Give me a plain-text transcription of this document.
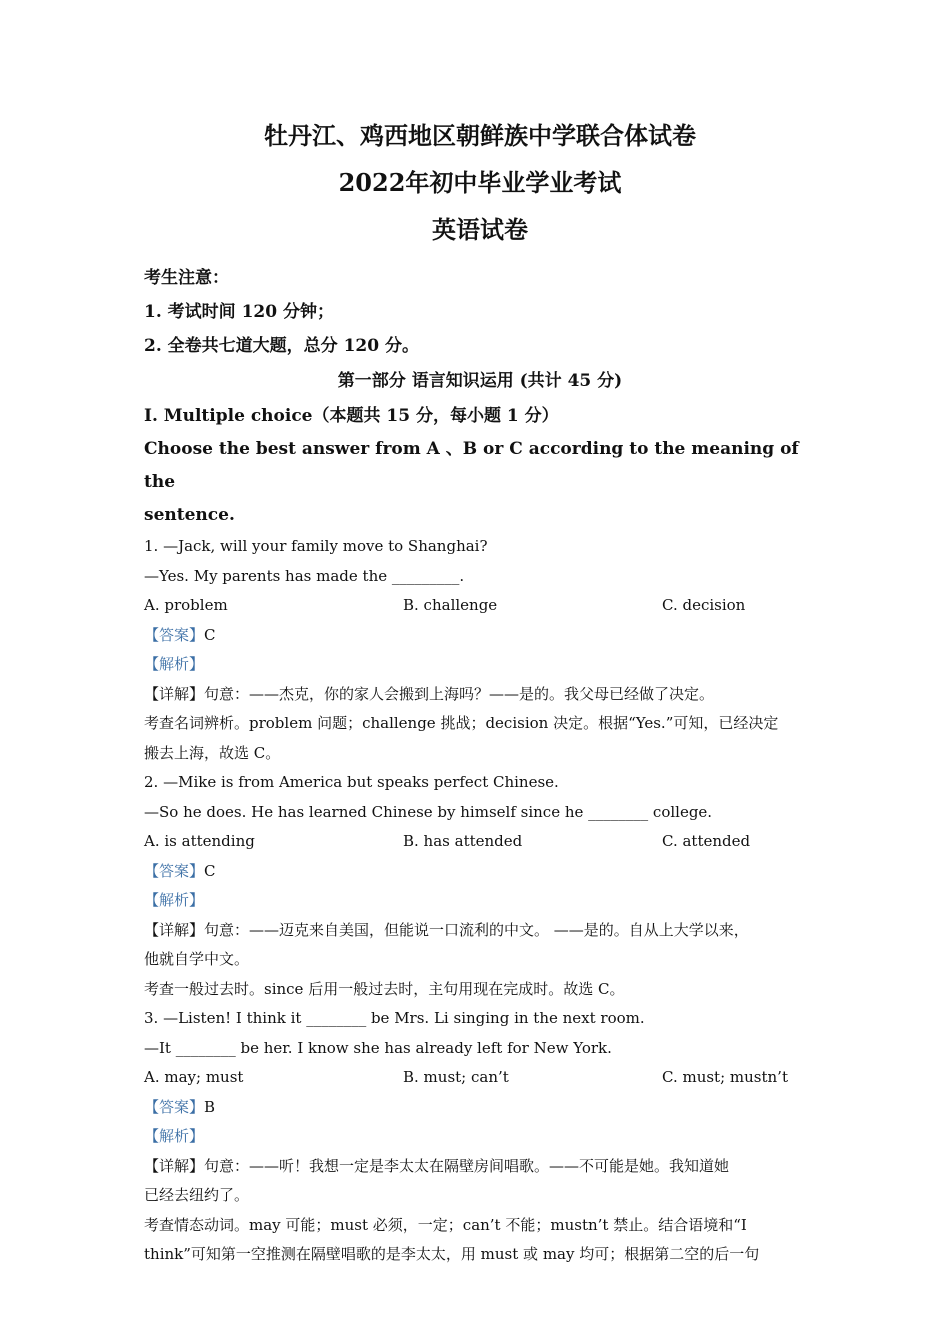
牡丹江、鸡西地区朝鲜族中学联合体试卷
2022年初中毕业学业考试
英语试卷
考生注意：
1. 考试时间 120 分钟；
2. 全卷共七道大题，总分 120 分。
第一部分 语言知识运用 (共计 45 分)
I. Multiple choice（本题共 15 分，每小题 1 分）
Choose the best answer from A 、B or C according to the meaning of the
sentence.
1. —Jack, will your family move to Shanghai?
—Yes. My parents has made the _________.
A. problem	B. challenge	C. decision
【答案】C
【解析】
【详解】句意：——杰克，你的家人会搬到上海吗？——是的。我父母已经做了决定。
考查名词辨析。problem 问题；challenge 挑战；decision 决定。根据“Yes.”可知，已经决定
搬去上海，故选 C。
2. —Mike is from America but speaks perfect Chinese.
—So he does. He has learned Chinese by himself since he ________ college.
A. is attending	B. has attended	C. attended
【答案】C
【解析】
【详解】句意：——迈克来自美国，但能说一口流利的中文。 ——是的。自从上大学以来，
他就自学中文。
考查一般过去时。since 后用一般过去时，主句用现在完成时。故选 C。
3. —Listen! I think it ________ be Mrs. Li singing in the next room.
—It ________ be her. I know she has already left for New York.
A. may; must	B. must; can’t	C. must; mustn’t
【答案】B
【解析】
【详解】句意：——听！我想一定是李太太在隔壁房间唱歌。——不可能是她。我知道她
已经去纽约了。
考查情态动词。may 可能；must 必须，一定；can’t 不能；mustn’t 禁止。结合语境和“I
think”可知第一空推测在隔壁唱歌的是李太太，用 must 或 may 均可；根据第二空的后一句
